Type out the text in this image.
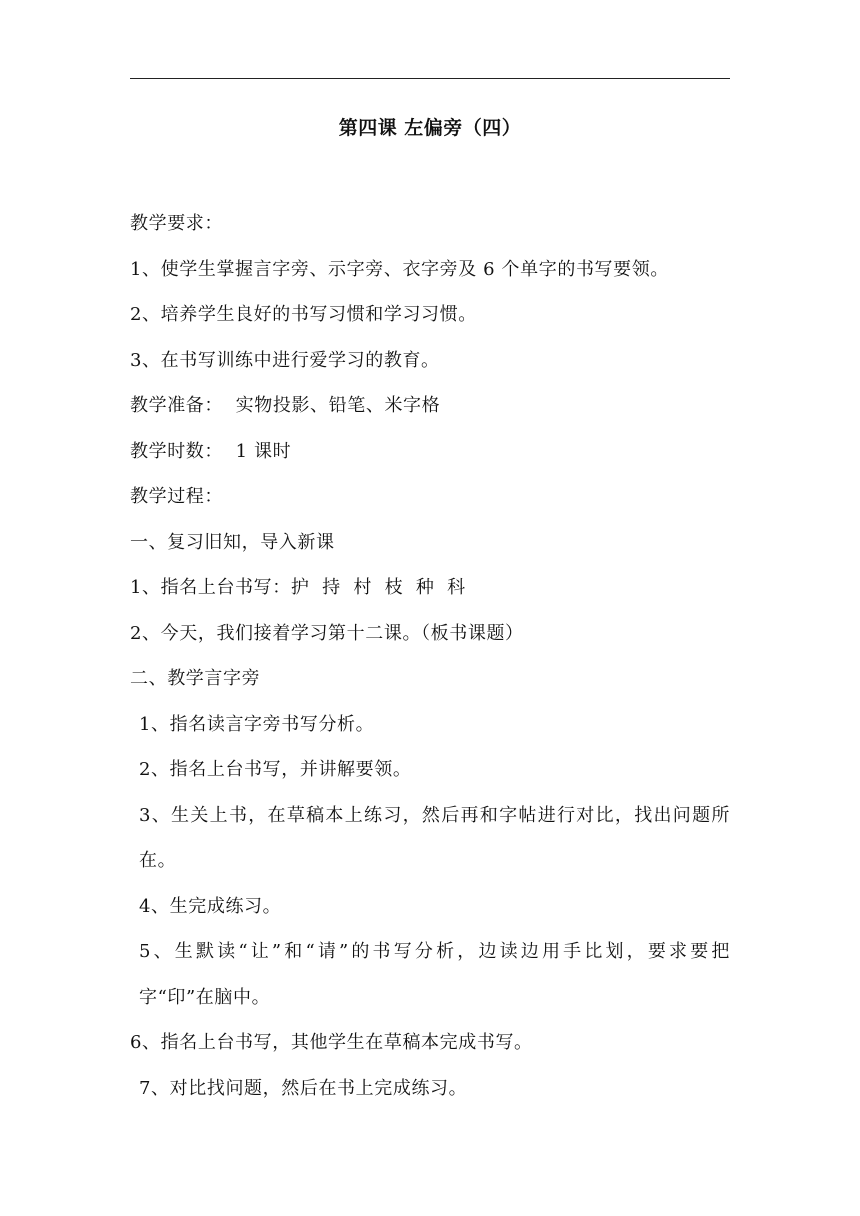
第四课 左偏旁（四）

教学要求：

1、使学生掌握言字旁、示字旁、衣字旁及 6 个单字的书写要领。

2、培养学生良好的书写习惯和学习习惯。

3、在书写训练中进行爱学习的教育。

教学准备：  实物投影、铅笔、米字格

教学时数：  1 课时

教学过程：

一、复习旧知，导入新课

1、指名上台书写：护  持  村  枝  种  科

2、今天，我们接着学习第十二课。（板书课题）

二、教学言字旁

1、指名读言字旁书写分析。

2、指名上台书写，并讲解要领。

3、生关上书，在草稿本上练习，然后再和字帖进行对比，找出问题所在。

4、生完成练习。

5、生默读“让”和“请”的书写分析，边读边用手比划，要求要把字“印”在脑中。

6、指名上台书写，其他学生在草稿本完成书写。

7、对比找问题，然后在书上完成练习。
